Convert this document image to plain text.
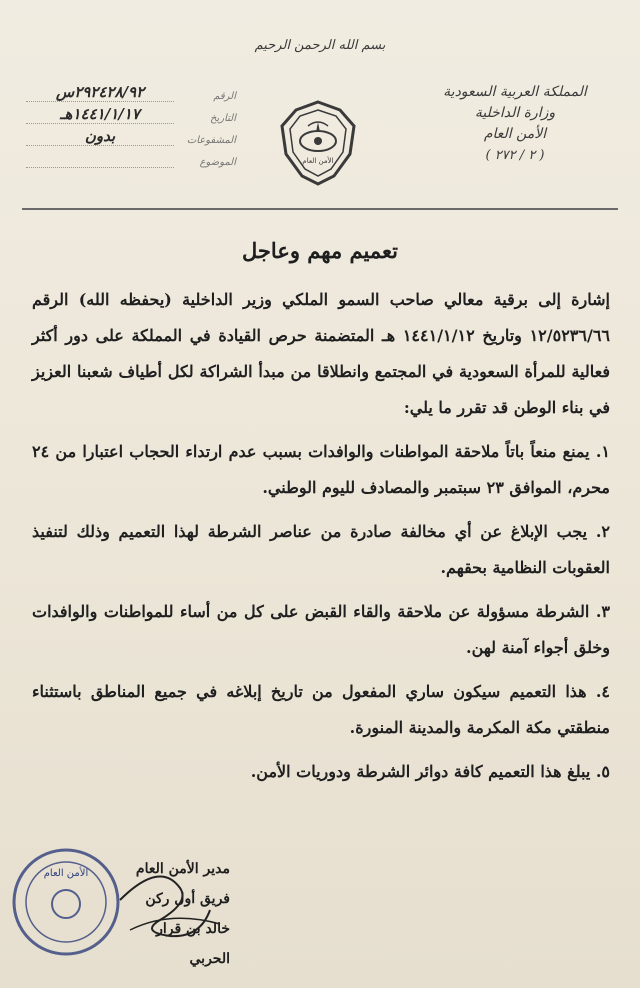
بسم الله الرحمن الرحيم
المملكة العربية السعودية
وزارة الداخلية
الأمن العام
( ٢ / ٢٧٢ )
الأمن العام
الرقم
٢٩٢٤٢٨/٩٢س
التاريخ
١٤٤١/١/١٧هـ
المشفوعات
بدون
الموضوع
تعميم مهم وعاجل

إشارة إلى برقية معالي صاحب السمو الملكي وزير الداخلية (يحفظه الله) الرقم ١٢/٥٢٣٦/٦٦ وتاريخ ١٤٤١/١/١٢ هـ المتضمنة حرص القيادة في المملكة على دور أكثر فعالية للمرأة السعودية في المجتمع وانطلاقا من مبدأ الشراكة لكل أطياف شعبنا العزيز في بناء الوطن قد تقرر ما يلي:

١. يمنع منعاً باتاً ملاحقة المواطنات والوافدات بسبب عدم ارتداء الحجاب اعتبارا من ٢٤ محرم، الموافق ٢٣ سبتمبر والمصادف لليوم الوطني.

٢. يجب الإبلاغ عن أي مخالفة صادرة من عناصر الشرطة لهذا التعميم وذلك لتنفيذ العقوبات النظامية بحقهم.

٣. الشرطة مسؤولة عن ملاحقة والقاء القبض على كل من أساء للمواطنات والوافدات وخلق أجواء آمنة لهن.

٤. هذا التعميم سيكون ساري المفعول من تاريخ إبلاغه في جميع المناطق باستثناء منطقتي مكة المكرمة والمدينة المنورة.

٥. يبلغ هذا التعميم كافة دوائر الشرطة ودوريات الأمن.

الأمن العام	مدير الأمن العام
فريق أول ركن
خالد بن قرار الحربي
